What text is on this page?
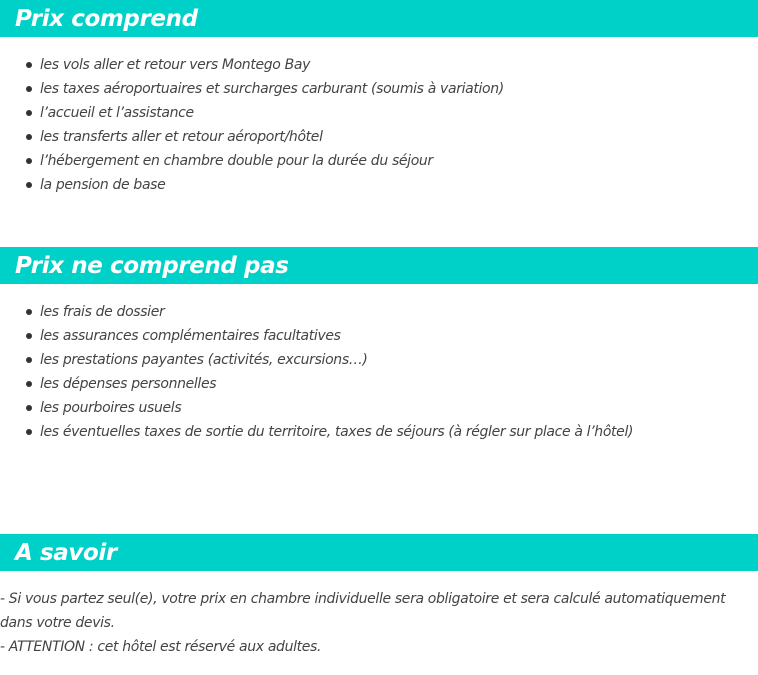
Prix comprend
les vols aller et retour vers Montego Bay
les taxes aéroportuaires et surcharges carburant (soumis à variation)
l’accueil et l’assistance
les transferts aller et retour aéroport/hôtel
l’hébergement en chambre double pour la durée du séjour
la pension de base
Prix ne comprend pas
les frais de dossier
les assurances complémentaires facultatives
les prestations payantes (activités, excursions…)
les dépenses personnelles
les pourboires usuels
les éventuelles taxes de sortie du territoire, taxes de séjours (à régler sur place à l’hôtel)
A savoir

- Si vous partez seul(e), votre prix en chambre individuelle sera obligatoire et sera calculé automatiquement dans votre devis.

- ATTENTION : cet hôtel est réservé aux adultes.
